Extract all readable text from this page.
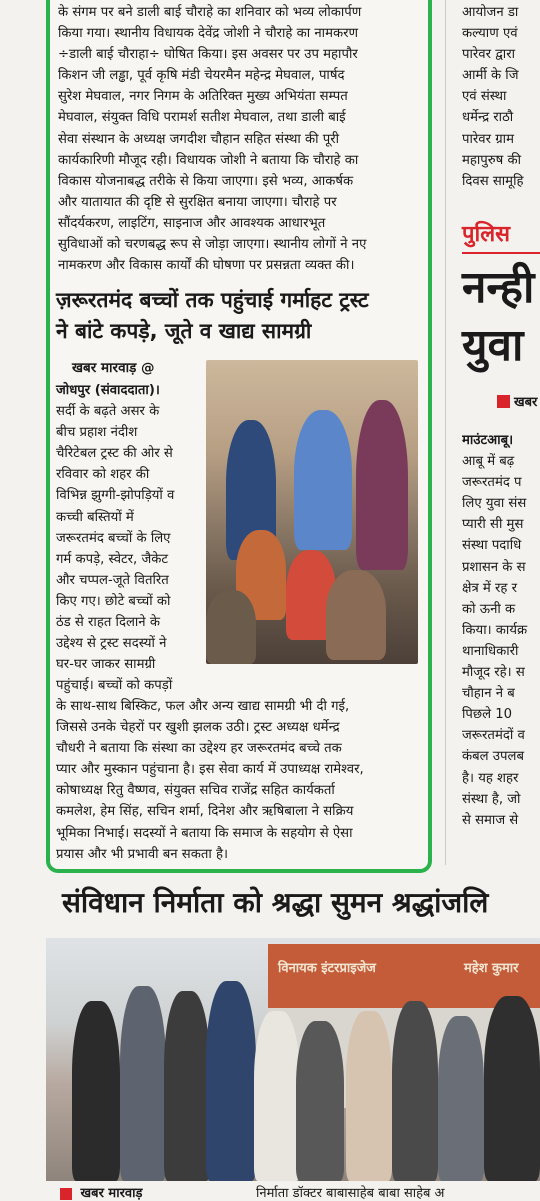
के संगम पर बने डाली बाई चौराहे का शनिवार को भव्य लोकार्पण

किया गया। स्थानीय विधायक देवेंद्र जोशी ने चौराहे का नामकरण

÷डाली बाई चौराहा÷ घोषित किया। इस अवसर पर उप महापौर

किशन जी लड्ढा, पूर्व कृषि मंडी चेयरमैन महेन्द्र मेघवाल, पार्षद

सुरेश मेघवाल, नगर निगम के अतिरिक्त मुख्य अभियंता सम्पत

मेघवाल, संयुक्त विधि परामर्श सतीश मेघवाल, तथा डाली बाई

सेवा संस्थान के अध्यक्ष जगदीश चौहान सहित संस्था की पूरी

कार्यकारिणी मौजूद रही। विधायक जोशी ने बताया कि चौराहे का

विकास योजनाबद्ध तरीके से किया जाएगा। इसे भव्य, आकर्षक

और यातायात की दृष्टि से सुरक्षित बनाया जाएगा। चौराहे पर

सौंदर्यकरण, लाइटिंग, साइनाज और आवश्यक आधारभूत

सुविधाओं को चरणबद्ध रूप से जोड़ा जाएगा। स्थानीय लोगों ने नए

नामकरण और विकास कार्यों की घोषणा पर प्रसन्नता व्यक्त की।

ज़रूरतमंद बच्चों तक पहुंचाई गर्माहट ट्रस्ट
ने बांटे कपड़े, जूते व खाद्य सामग्री
खबर मारवाड़ @

जोधपुर (संवाददाता)।

सर्दी के बढ़ते असर के

बीच प्रहाश नंदीश

चैरिटेबल ट्रस्ट की ओर से

रविवार को शहर की

विभिन्न झुग्गी-झोपड़ियों व

कच्ची बस्तियों में

जरूरतमंद बच्चों के लिए

गर्म कपड़े, स्वेटर, जैकेट

और चप्पल-जूते वितरित

किए गए। छोटे बच्चों को

ठंड से राहत दिलाने के

उद्देश्य से ट्रस्ट सदस्यों ने

घर-घर जाकर सामग्री

पहुंचाई। बच्चों को कपड़ों

के साथ-साथ बिस्किट, फल और अन्य खाद्य सामग्री भी दी गई,

जिससे उनके चेहरों पर खुशी झलक उठी। ट्रस्ट अध्यक्ष धर्मेन्द्र

चौधरी ने बताया कि संस्था का उद्देश्य हर जरूरतमंद बच्चे तक

प्यार और मुस्कान पहुंचाना है। इस सेवा कार्य में उपाध्यक्ष रामेश्वर,

कोषाध्यक्ष रितु वैष्णव, संयुक्त सचिव राजेंद्र सहित कार्यकर्ता

कमलेश, हेम सिंह, सचिन शर्मा, दिनेश और ऋषिबाला ने सक्रिय

भूमिका निभाई। सदस्यों ने बताया कि समाज के सहयोग से ऐसा

प्रयास और भी प्रभावी बन सकता है।

आयोजन डा
कल्याण एवं
पारेवर द्वारा
आर्मी के जि
एवं संस्था
धर्मेन्द्र राठौ
पारेवर ग्राम
महापुरुष की
दिवस सामूहि
पुलिस
नन्ही
युवा
खबर
माउंटआबू।
आबू में बढ़
जरूरतमंद प
लिए युवा संस
प्यारी सी मुस
संस्था पदाधि
प्रशासन के स
क्षेत्र में रह र
को ऊनी क
किया। कार्यक्र
थानाधिकारी
मौजूद रहे। स
चौहान ने ब
पिछले 10
जरूरतमंदों व
कंबल उपलब
है। यह शहर
संस्था है, जो
से समाज से
संविधान निर्माता को श्रद्धा सुमन श्रद्धांजलि
विनायक इंटरप्राइजेज	महेश कुमार
खबर मारवाड़	निर्माता डॉक्टर बाबासाहेब बाबा साहेब अ
